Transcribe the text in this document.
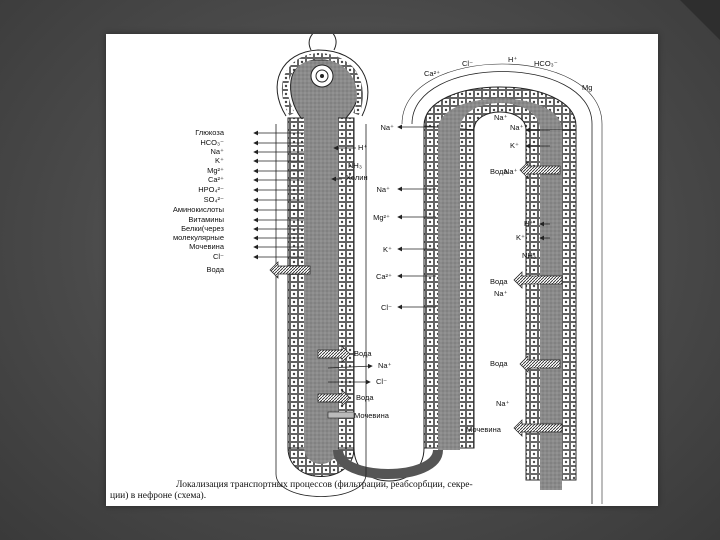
Глюкоза
HCO₃⁻
Na⁺
K⁺
Mg²⁺
Ca²⁺
HPO₄²⁻
SO₄²⁻
Аминокислоты
Витамины
Белки(через
молекулярные
Мочевина
Cl⁻
Вода
H⁺
NH₃
Холин
Na⁺
Na⁺
Mg²⁺
K⁺
Ca²⁺
Cl⁻
Вода
Na⁺
Cl⁻
Вода
Мочевина
Cl⁻	H⁺ HCO₃⁻
Ca²⁺
Mg
Na⁺
Na⁺
K⁺
Na⁺
Вода
H⁺
K⁺
NH₃
Вода
Na⁺
Вода
Na⁺
Мочевина
Локализация транспортных процессов (фильтрации, реабсорбции, секре-
ции) в нефроне (схема).
